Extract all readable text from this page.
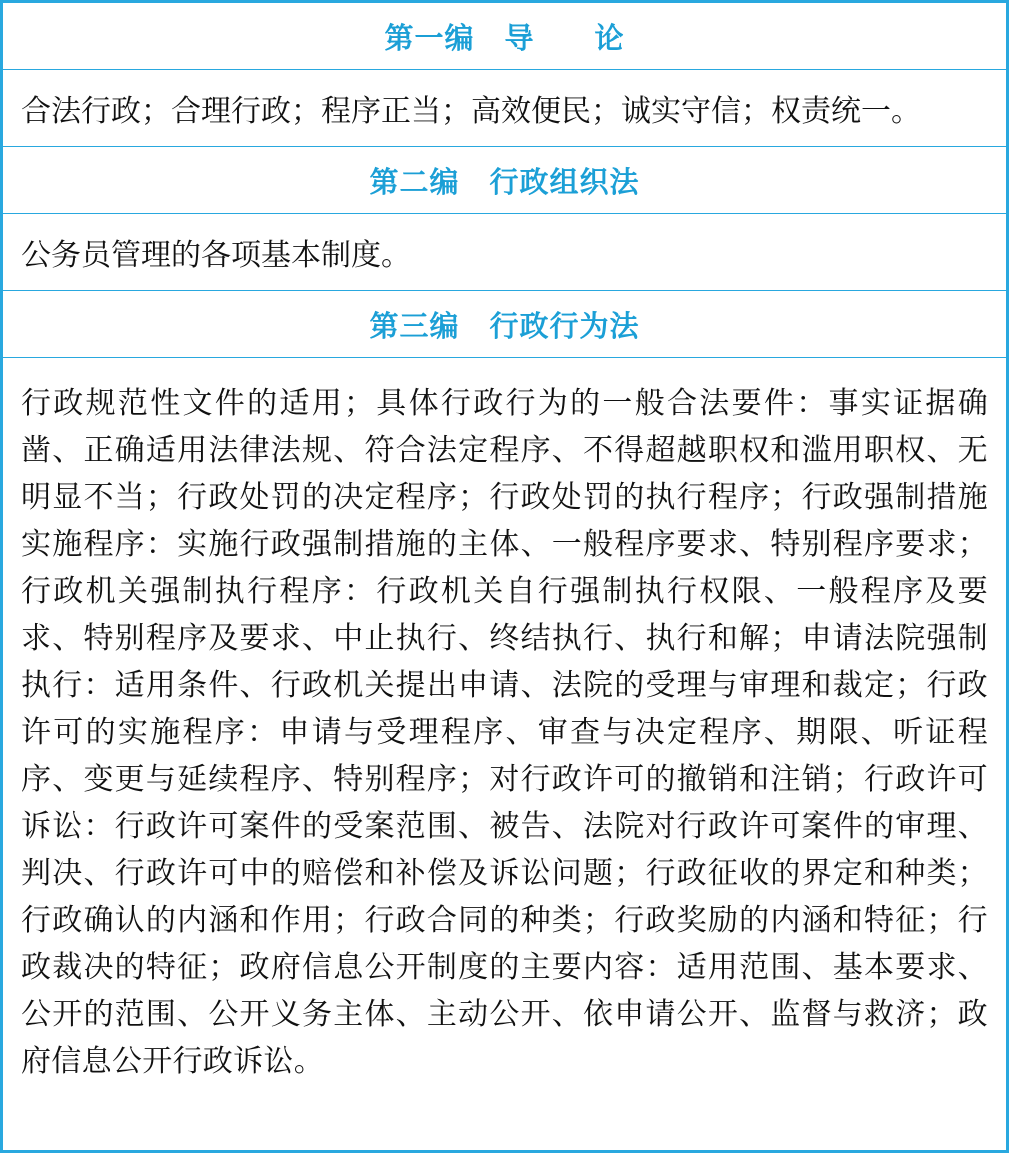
第一编　导　　论
合法行政；合理行政；程序正当；高效便民；诚实守信；权责统一。
第二编　行政组织法
公务员管理的各项基本制度。
第三编　行政行为法
行政规范性文件的适用；具体行政行为的一般合法要件：事实证据确凿、正确适用法律法规、符合法定程序、不得超越职权和滥用职权、无明显不当；行政处罚的决定程序；行政处罚的执行程序；行政强制措施实施程序：实施行政强制措施的主体、一般程序要求、特别程序要求；行政机关强制执行程序：行政机关自行强制执行权限、一般程序及要求、特别程序及要求、中止执行、终结执行、执行和解；申请法院强制执行：适用条件、行政机关提出申请、法院的受理与审理和裁定；行政许可的实施程序：申请与受理程序、审查与决定程序、期限、听证程序、变更与延续程序、特别程序；对行政许可的撤销和注销；行政许可诉讼：行政许可案件的受案范围、被告、法院对行政许可案件的审理、判决、行政许可中的赔偿和补偿及诉讼问题；行政征收的界定和种类；行政确认的内涵和作用；行政合同的种类；行政奖励的内涵和特征；行政裁决的特征；政府信息公开制度的主要内容：适用范围、基本要求、公开的范围、公开义务主体、主动公开、依申请公开、监督与救济；政府信息公开行政诉讼。
